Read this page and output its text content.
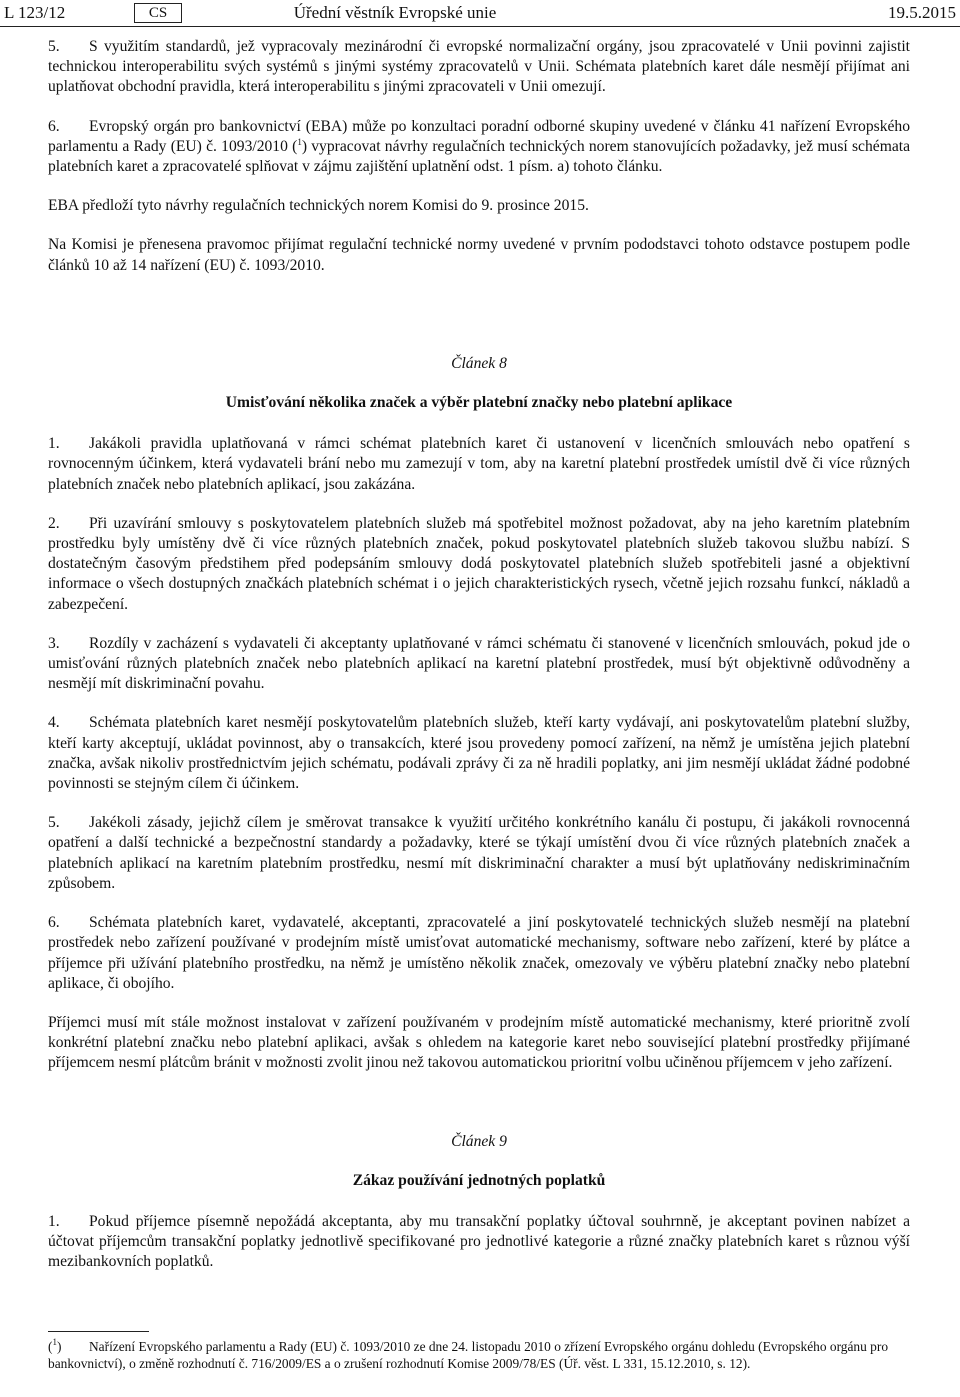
L 123/12	CS	Úřední věstník Evropské unie	19.5.2015

5. S využitím standardů, jež vypracovaly mezinárodní či evropské normalizační orgány, jsou zpracovatelé v Unii povinni zajistit technickou interoperabilitu svých systémů s jinými systémy zpracovatelů v Unii. Schémata platebních karet dále nesmějí přijímat ani uplatňovat obchodní pravidla, která interoperabilitu s jinými zpracovateli v Unii omezují.

6. Evropský orgán pro bankovnictví (EBA) může po konzultaci poradní odborné skupiny uvedené v článku 41 nařízení Evropského parlamentu a Rady (EU) č. 1093/2010 ($^1$) vypracovat návrhy regulačních technických norem stanovujících požadavky, jež musí schémata platebních karet a zpracovatelé splňovat v zájmu zajištění uplatnění odst. 1 písm. a) tohoto článku.

EBA předloží tyto návrhy regulačních technických norem Komisi do 9. prosince 2015.

Na Komisi je přenesena pravomoc přijímat regulační technické normy uvedené v prvním pododstavci tohoto odstavce postupem podle článků 10 až 14 nařízení (EU) č. 1093/2010.

Článek 8

Umisťování několika značek a výběr platební značky nebo platební aplikace

1. Jakákoli pravidla uplatňovaná v rámci schémat platebních karet či ustanovení v licenčních smlouvách nebo opatření s rovnocenným účinkem, která vydavateli brání nebo mu zamezují v tom, aby na karetní platební prostředek umístil dvě či více různých platebních značek nebo platebních aplikací, jsou zakázána.

2. Při uzavírání smlouvy s poskytovatelem platebních služeb má spotřebitel možnost požadovat, aby na jeho karetním platebním prostředku byly umístěny dvě či více různých platebních značek, pokud poskytovatel platebních služeb takovou službu nabízí. S dostatečným časovým předstihem před podepsáním smlouvy dodá poskytovatel platebních služeb spotřebiteli jasné a objektivní informace o všech dostupných značkách platebních schémat i o jejich charakteristických rysech, včetně jejich rozsahu funkcí, nákladů a zabezpečení.

3. Rozdíly v zacházení s vydavateli či akceptanty uplatňované v rámci schématu či stanovené v licenčních smlouvách, pokud jde o umisťování různých platebních značek nebo platebních aplikací na karetní platební prostředek, musí být objektivně odůvodněny a nesmějí mít diskriminační povahu.

4. Schémata platebních karet nesmějí poskytovatelům platebních služeb, kteří karty vydávají, ani poskytovatelům platební služby, kteří karty akceptují, ukládat povinnost, aby o transakcích, které jsou provedeny pomocí zařízení, na němž je umístěna jejich platební značka, avšak nikoliv prostřednictvím jejich schématu, podávali zprávy či za ně hradili poplatky, ani jim nesmějí ukládat žádné podobné povinnosti se stejným cílem či účinkem.

5. Jakékoli zásady, jejichž cílem je směrovat transakce k využití určitého konkrétního kanálu či postupu, či jakákoli rovnocenná opatření a další technické a bezpečnostní standardy a požadavky, které se týkají umístění dvou či více různých platebních značek a platebních aplikací na karetním platebním prostředku, nesmí mít diskriminační charakter a musí být uplatňovány nediskriminačním způsobem.

6. Schémata platebních karet, vydavatelé, akceptanti, zpracovatelé a jiní poskytovatelé technických služeb nesmějí na platební prostředek nebo zařízení používané v prodejním místě umisťovat automatické mechanismy, software nebo zařízení, které by plátce a příjemce při užívání platebního prostředku, na němž je umístěno několik značek, omezovaly ve výběru platební značky nebo platební aplikace, či obojího.

Příjemci musí mít stále možnost instalovat v zařízení používaném v prodejním místě automatické mechanismy, které prioritně zvolí konkrétní platební značku nebo platební aplikaci, avšak s ohledem na kategorie karet nebo související platební prostředky přijímané příjemcem nesmí plátcům bránit v možnosti zvolit jinou než takovou automatickou prioritní volbu učiněnou příjemcem v jeho zařízení.

Článek 9

Zákaz používání jednotných poplatků

1. Pokud příjemce písemně nepožádá akceptanta, aby mu transakční poplatky účtoval souhrnně, je akceptant povinen nabízet a účtovat příjemcům transakční poplatky jednotlivě specifikované pro jednotlivé kategorie a různé značky platebních karet s různou výší mezibankovních poplatků.

($^1$) Nařízení Evropského parlamentu a Rady (EU) č. 1093/2010 ze dne 24. listopadu 2010 o zřízení Evropského orgánu dohledu (Evropského orgánu pro bankovnictví), o změně rozhodnutí č. 716/2009/ES a o zrušení rozhodnutí Komise 2009/78/ES (Úř. věst. L 331, 15.12.2010, s. 12).
